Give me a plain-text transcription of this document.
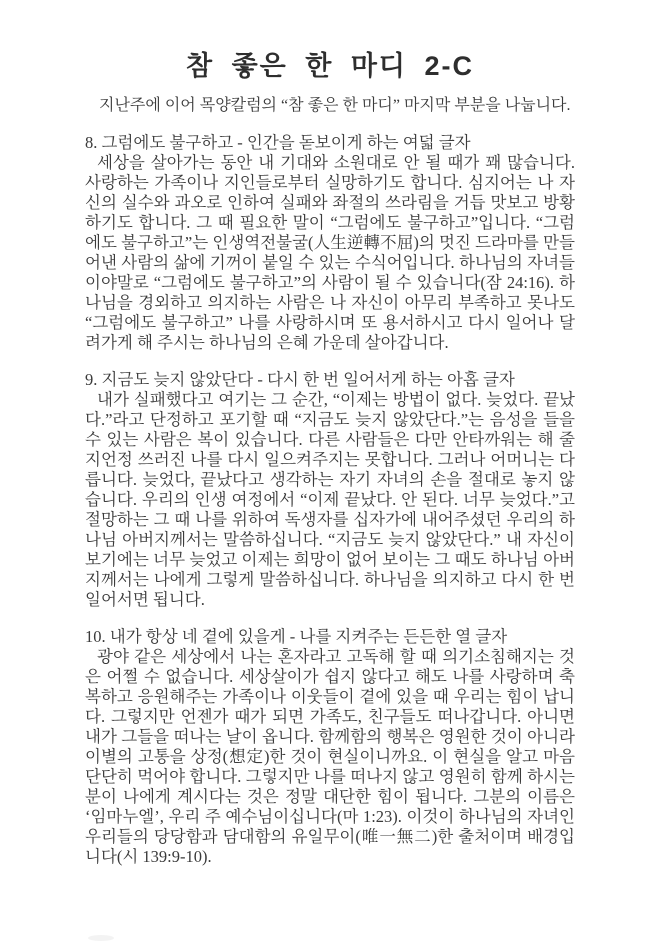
참 좋은 한 마디 2-C

지난주에 이어 목양칼럼의 “참 좋은 한 마디” 마지막 부분을 나눕니다.

8. 그럼에도 불구하고 - 인간을 돋보이게 하는 여덟 글자

세상을 살아가는 동안 내 기대와 소원대로 안 될 때가 꽤 많습니다. 사랑하는 가족이나 지인들로부터 실망하기도 합니다. 심지어는 나 자신의 실수와 과오로 인하여 실패와 좌절의 쓰라림을 거듭 맛보고 방황하기도 합니다. 그 때 필요한 말이 “그럼에도 불구하고”입니다. “그럼에도 불구하고”는 인생역전불굴(人生逆轉不屈)의 멋진 드라마를 만들어낸 사람의 삶에 기꺼이 붙일 수 있는 수식어입니다. 하나님의 자녀들이야말로 “그럼에도 불구하고”의 사람이 될 수 있습니다(잠 24:16). 하나님을 경외하고 의지하는 사람은 나 자신이 아무리 부족하고 못나도 “그럼에도 불구하고” 나를 사랑하시며 또 용서하시고 다시 일어나 달려가게 해 주시는 하나님의 은혜 가운데 살아갑니다.

9. 지금도 늦지 않았단다 - 다시 한 번 일어서게 하는 아홉 글자

내가 실패했다고 여기는 그 순간, “이제는 방법이 없다. 늦었다. 끝났다.”라고 단정하고 포기할 때 “지금도 늦지 않았단다.”는 음성을 들을 수 있는 사람은 복이 있습니다. 다른 사람들은 다만 안타까워는 해 줄지언정 쓰러진 나를 다시 일으켜주지는 못합니다. 그러나 어머니는 다릅니다. 늦었다, 끝났다고 생각하는 자기 자녀의 손을 절대로 놓지 않습니다. 우리의 인생 여정에서 “이제 끝났다. 안 된다. 너무 늦었다.”고 절망하는 그 때 나를 위하여 독생자를 십자가에 내어주셨던 우리의 하나님 아버지께서는 말씀하십니다. “지금도 늦지 않았단다.” 내 자신이 보기에는 너무 늦었고 이제는 희망이 없어 보이는 그 때도 하나님 아버지께서는 나에게 그렇게 말씀하십니다. 하나님을 의지하고 다시 한 번 일어서면 됩니다.

10. 내가 항상 네 곁에 있을게 - 나를 지켜주는 든든한 열 글자

광야 같은 세상에서 나는 혼자라고 고독해 할 때 의기소침해지는 것은 어쩔 수 없습니다. 세상살이가 쉽지 않다고 해도 나를 사랑하며 축복하고 응원해주는 가족이나 이웃들이 곁에 있을 때 우리는 힘이 납니다. 그렇지만 언젠가 때가 되면 가족도, 친구들도 떠나갑니다. 아니면 내가 그들을 떠나는 날이 옵니다. 함께함의 행복은 영원한 것이 아니라 이별의 고통을 상정(想定)한 것이 현실이니까요. 이 현실을 알고 마음 단단히 먹어야 합니다. 그렇지만 나를 떠나지 않고 영원히 함께 하시는 분이 나에게 계시다는 것은 정말 대단한 힘이 됩니다. 그분의 이름은 ‘임마누엘’, 우리 주 예수님이십니다(마 1:23). 이것이 하나님의 자녀인 우리들의 당당함과 담대함의 유일무이(唯一無二)한 출처이며 배경입니다(시 139:9-10).
